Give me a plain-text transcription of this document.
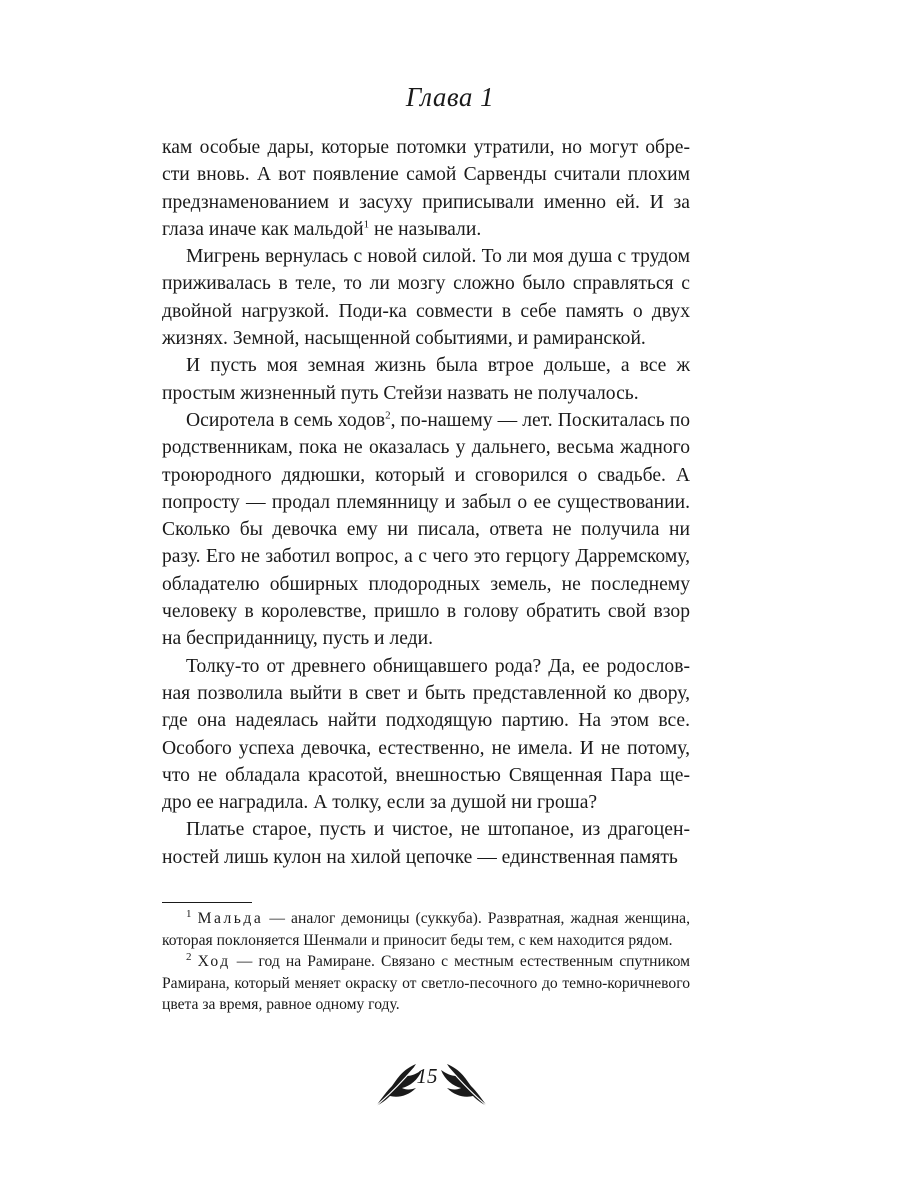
Глава 1

кам особые дары, которые потомки утратили, но могут обрести вновь. А вот появление самой Сарвенды считали плохим предзнаменованием и засуху приписывали именно ей. И за глаза иначе как мальдой$^1$ не называли.

Мигрень вернулась с новой силой. То ли моя душа с трудом приживалась в теле, то ли мозгу сложно было справляться с двойной нагрузкой. Поди-ка совмести в себе память о двух жизнях. Земной, насыщенной событиями, и рамиранской.

И пусть моя земная жизнь была втрое дольше, а все ж простым жизненный путь Стейзи назвать не получалось.

Осиротела в семь ходов$^2$, по-нашему — лет. Поскиталась по родственникам, пока не оказалась у дальнего, весьма жадного троюродного дядюшки, который и сговорился о свадьбе. А попросту — продал племянницу и забыл о ее существовании. Сколько бы девочка ему ни писала, ответа не получила ни разу. Его не заботил вопрос, а с чего это герцогу Дарремскому, обладателю обширных плодородных земель, не последнему человеку в королевстве, пришло в голову обратить свой взор на бесприданницу, пусть и леди.

Толку-то от древнего обнищавшего рода? Да, ее родословная позволила выйти в свет и быть представленной ко двору, где она надеялась найти подходящую партию. На этом все. Особого успеха девочка, естественно, не имела. И не потому, что не обладала красотой, внешностью Священная Пара щедро ее наградила. А толку, если за душой ни гроша?

Платье старое, пусть и чистое, не штопаное, из драгоценностей лишь кулон на хилой цепочке — единственная память

$^1$ Мальда — аналог демоницы (суккуба). Развратная, жадная женщина, которая поклоняется Шенмали и приносит беды тем, с кем находится рядом.

$^2$ Ход — год на Рамиране. Связано с местным естественным спутником Рамирана, который меняет окраску от светло-песочного до темно-коричневого цвета за время, равное одному году.

15
